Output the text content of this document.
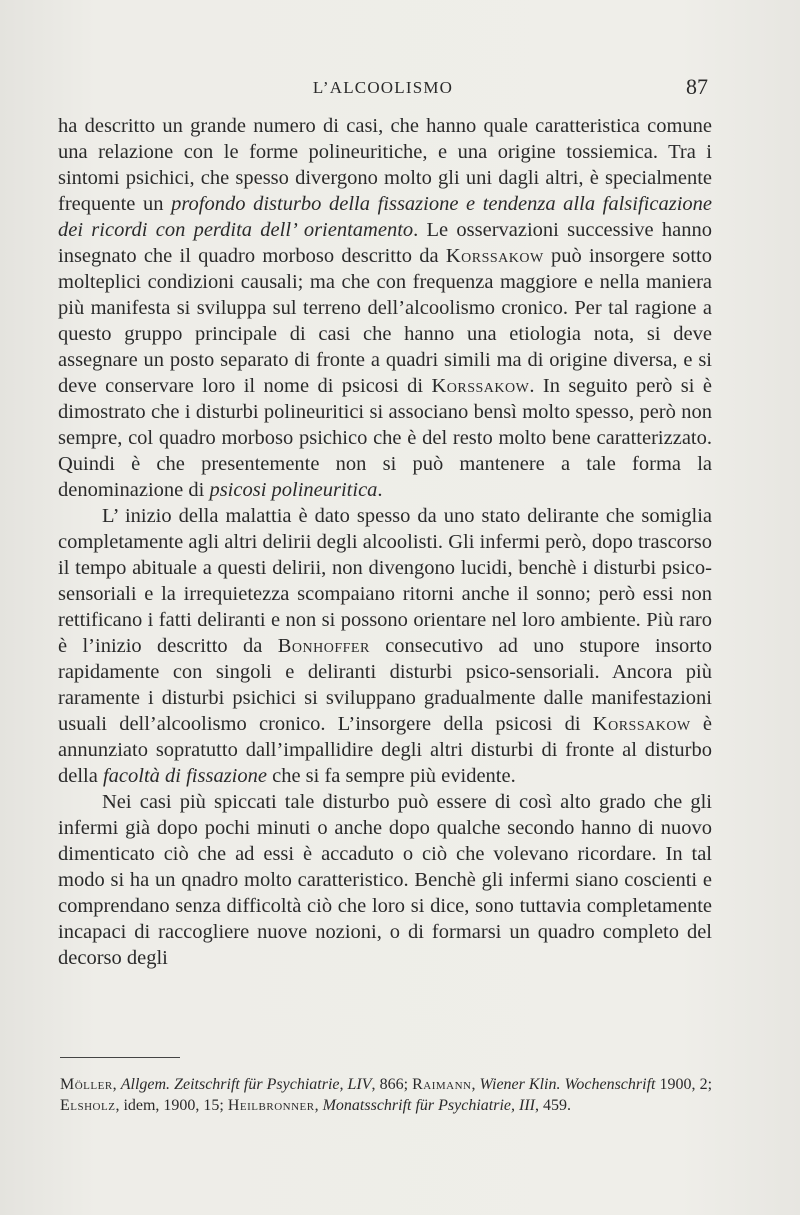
L’ALCOOLISMO	87

ha descritto un grande numero di casi, che hanno quale caratteristica comune una relazione con le forme polineuritiche, e una origine tossiemica. Tra i sintomi psichici, che spesso divergono molto gli uni dagli altri, è specialmente frequente un profondo disturbo della fissazione e tendenza alla falsificazione dei ricordi con perdita dell’ orientamento. Le osservazioni successive hanno insegnato che il quadro morboso descritto da Korssakow può insorgere sotto molteplici condizioni causali; ma che con frequenza maggiore e nella maniera più manifesta si sviluppa sul terreno dell’alcoolismo cronico. Per tal ragione a questo gruppo principale di casi che hanno una etiologia nota, si deve assegnare un posto separato di fronte a quadri simili ma di origine diversa, e si deve conservare loro il nome di psicosi di Korssakow. In seguito però si è dimostrato che i disturbi polineuritici si associano bensì molto spesso, però non sempre, col quadro morboso psichico che è del resto molto bene caratterizzato. Quindi è che presentemente non si può mantenere a tale forma la denominazione di psicosi polineuritica.

L’ inizio della malattia è dato spesso da uno stato delirante che somiglia completamente agli altri delirii degli alcoolisti. Gli infermi però, dopo trascorso il tempo abituale a questi delirii, non divengono lucidi, benchè i disturbi psico-sensoriali e la irrequietezza scompaiano ritorni anche il sonno; però essi non rettificano i fatti deliranti e non si possono orientare nel loro ambiente. Più raro è l’inizio descritto da Bonhoffer consecutivo ad uno stupore insorto rapidamente con singoli e deliranti disturbi psico-sensoriali. Ancora più raramente i disturbi psichici si sviluppano gradualmente dalle manifestazioni usuali dell’alcoolismo cronico. L’insorgere della psicosi di Korssakow è annunziato sopratutto dall’impallidire degli altri disturbi di fronte al disturbo della facoltà di fissazione che si fa sempre più evidente.

Nei casi più spiccati tale disturbo può essere di così alto grado che gli infermi già dopo pochi minuti o anche dopo qualche secondo hanno di nuovo dimenticato ciò che ad essi è accaduto o ciò che volevano ricordare. In tal modo si ha un qnadro molto caratteristico. Benchè gli infermi siano coscienti e comprendano senza difficoltà ciò che loro si dice, sono tuttavia completamente incapaci di raccogliere nuove nozioni, o di formarsi un quadro completo del decorso degli

Möller, Allgem. Zeitschrift für Psychiatrie, LIV, 866; Raimann, Wiener Klin. Wochenschrift 1900, 2; Elsholz, idem, 1900, 15; Heilbronner, Monatsschrift für Psychiatrie, III, 459.
